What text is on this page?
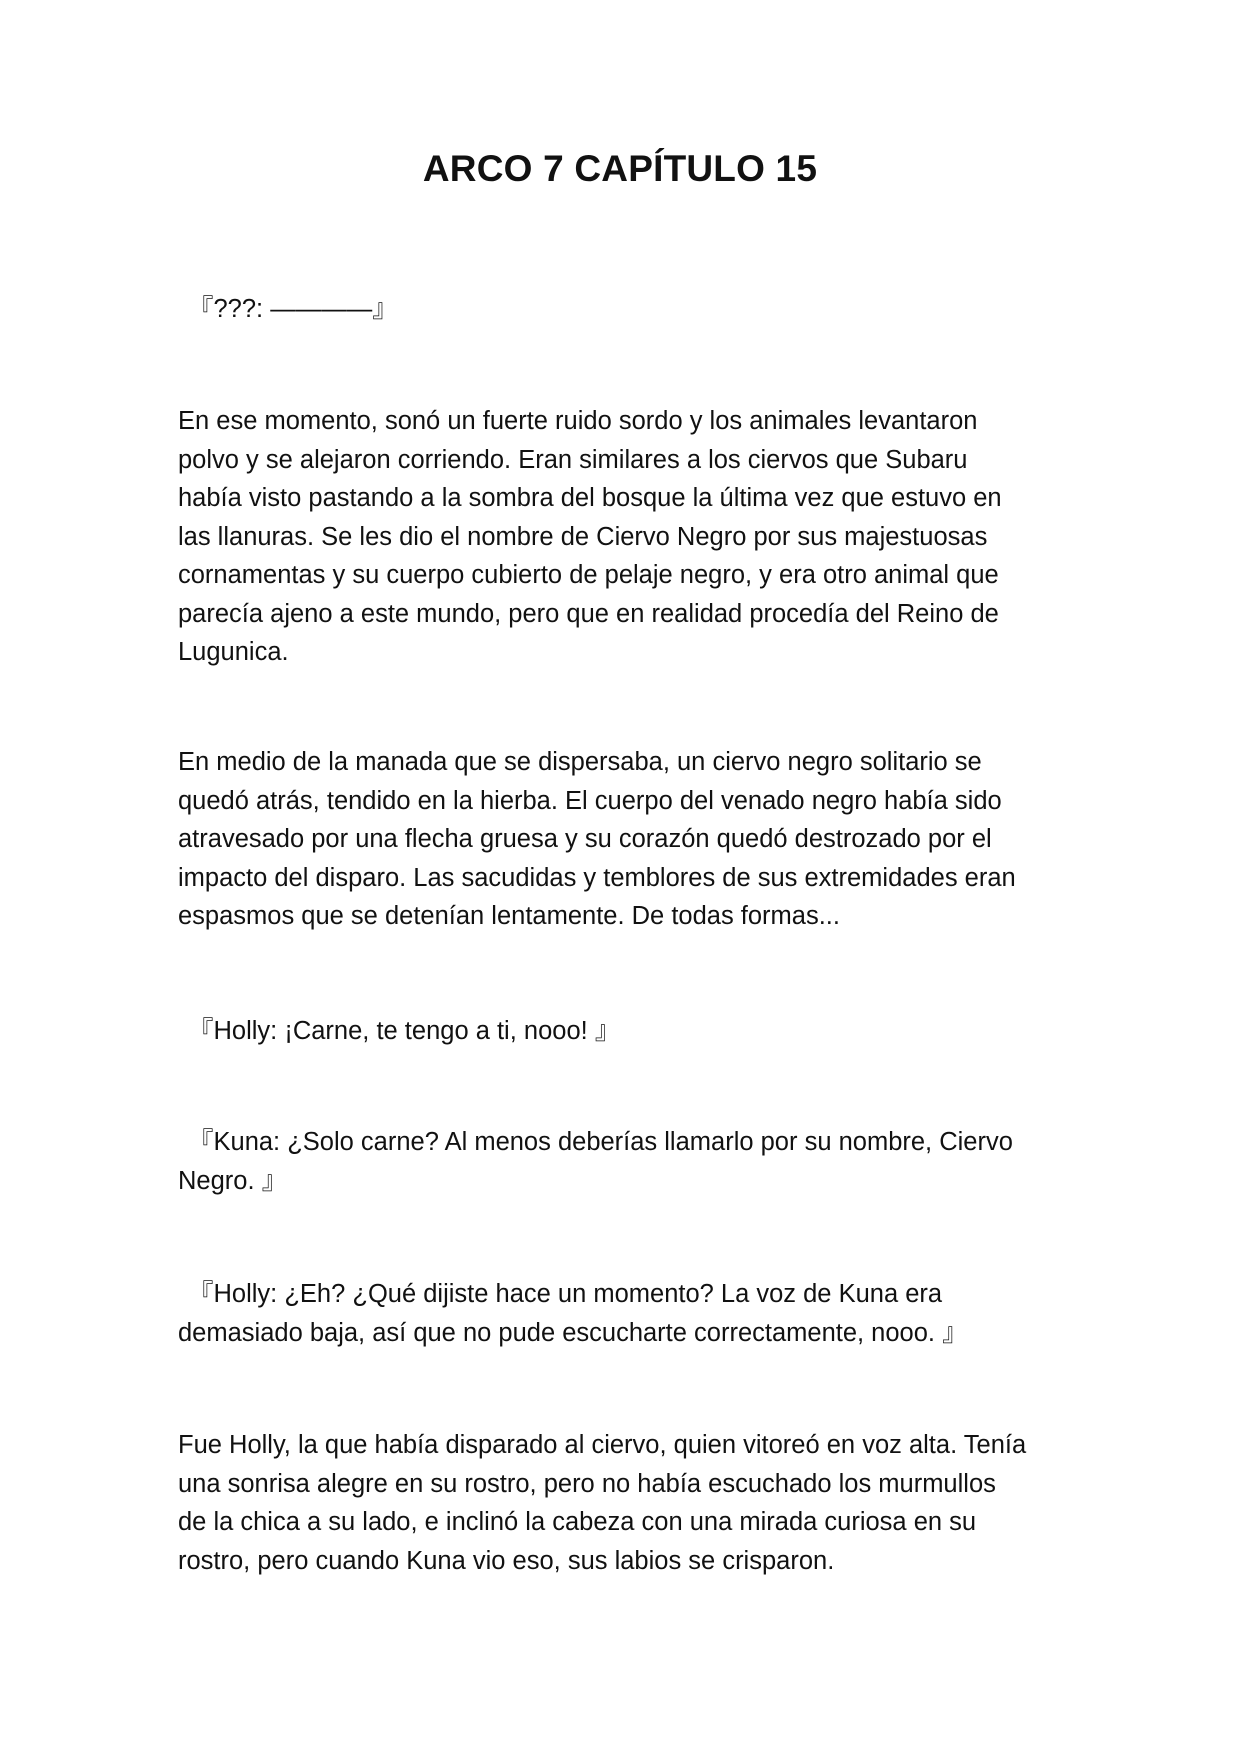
ARCO 7 CAPÍTULO 15
『???: ————』
En ese momento, sonó un fuerte ruido sordo y los animales levantaron
polvo y se alejaron corriendo. Eran similares a los ciervos que Subaru
había visto pastando a la sombra del bosque la última vez que estuvo en
las llanuras. Se les dio el nombre de Ciervo Negro por sus majestuosas
cornamentas y su cuerpo cubierto de pelaje negro, y era otro animal que
parecía ajeno a este mundo, pero que en realidad procedía del Reino de
Lugunica.
En medio de la manada que se dispersaba, un ciervo negro solitario se
quedó atrás, tendido en la hierba. El cuerpo del venado negro había sido
atravesado por una flecha gruesa y su corazón quedó destrozado por el
impacto del disparo. Las sacudidas y temblores de sus extremidades eran
espasmos que se detenían lentamente. De todas formas...
『Holly: ¡Carne, te tengo a ti, nooo! 』
『Kuna: ¿Solo carne? Al menos deberías llamarlo por su nombre, Ciervo
Negro. 』
『Holly: ¿Eh? ¿Qué dijiste hace un momento? La voz de Kuna era
demasiado baja, así que no pude escucharte correctamente, nooo. 』
Fue Holly, la que había disparado al ciervo, quien vitoreó en voz alta. Tenía
una sonrisa alegre en su rostro, pero no había escuchado los murmullos
de la chica a su lado, e inclinó la cabeza con una mirada curiosa en su
rostro, pero cuando Kuna vio eso, sus labios se crisparon.
